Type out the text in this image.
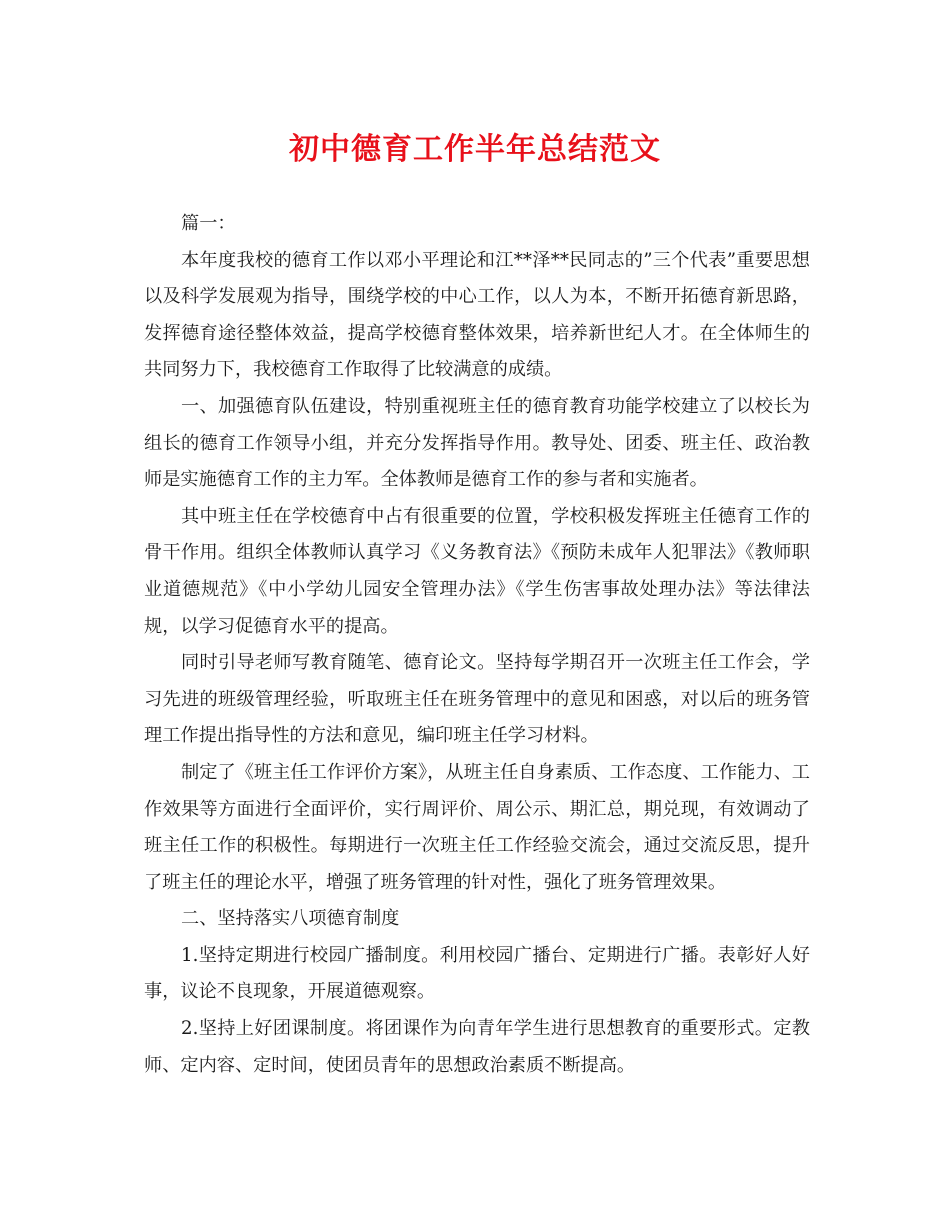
初中德育工作半年总结范文

篇一：

本年度我校的德育工作以邓小平理论和江**泽**民同志的”三个代表”重要思想以及科学发展观为指导，围绕学校的中心工作，以人为本，不断开拓德育新思路，发挥德育途径整体效益，提高学校德育整体效果，培养新世纪人才。在全体师生的共同努力下，我校德育工作取得了比较满意的成绩。

一、加强德育队伍建设，特别重视班主任的德育教育功能学校建立了以校长为组长的德育工作领导小组，并充分发挥指导作用。教导处、团委、班主任、政治教师是实施德育工作的主力军。全体教师是德育工作的参与者和实施者。

其中班主任在学校德育中占有很重要的位置，学校积极发挥班主任德育工作的骨干作用。组织全体教师认真学习《义务教育法》《预防未成年人犯罪法》《教师职业道德规范》《中小学幼儿园安全管理办法》《学生伤害事故处理办法》等法律法规，以学习促德育水平的提高。

同时引导老师写教育随笔、德育论文。坚持每学期召开一次班主任工作会，学习先进的班级管理经验，听取班主任在班务管理中的意见和困惑，对以后的班务管理工作提出指导性的方法和意见，编印班主任学习材料。

制定了《班主任工作评价方案》，从班主任自身素质、工作态度、工作能力、工作效果等方面进行全面评价，实行周评价、周公示、期汇总，期兑现，有效调动了班主任工作的积极性。每期进行一次班主任工作经验交流会，通过交流反思，提升了班主任的理论水平，增强了班务管理的针对性，强化了班务管理效果。

二、坚持落实八项德育制度

1.坚持定期进行校园广播制度。利用校园广播台、定期进行广播。表彰好人好事，议论不良现象，开展道德观察。

2.坚持上好团课制度。将团课作为向青年学生进行思想教育的重要形式。定教师、定内容、定时间，使团员青年的思想政治素质不断提高。
